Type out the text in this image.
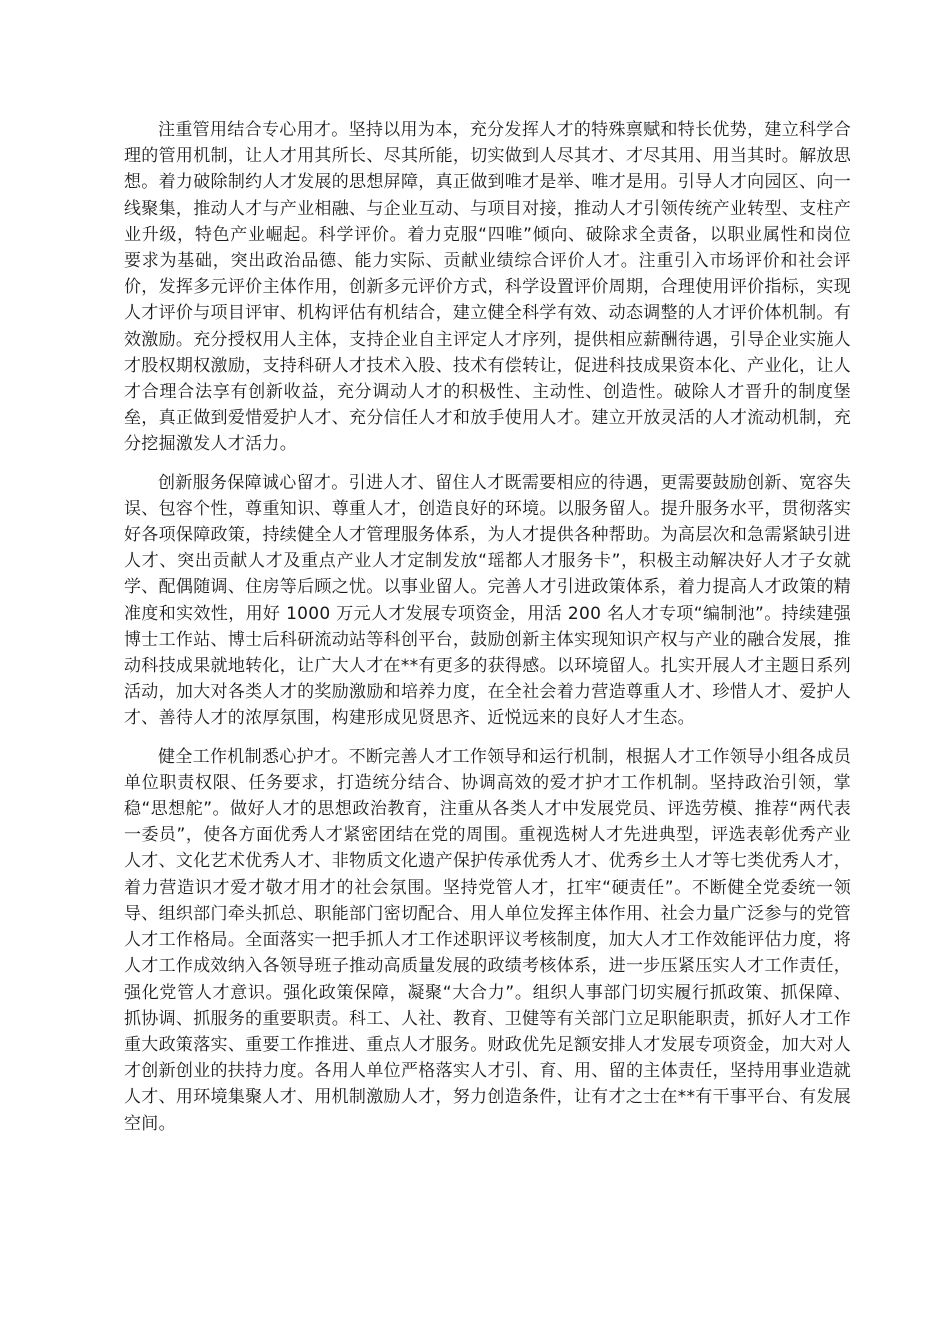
注重管用结合专心用才。坚持以用为本，充分发挥人才的特殊禀赋和特长优势，建立科学合理的管用机制，让人才用其所长、尽其所能，切实做到人尽其才、才尽其用、用当其时。解放思想。着力破除制约人才发展的思想屏障，真正做到唯才是举、唯才是用。引导人才向园区、向一线聚集，推动人才与产业相融、与企业互动、与项目对接，推动人才引领传统产业转型、支柱产业升级，特色产业崛起。科学评价。着力克服“四唯”倾向、破除求全责备，以职业属性和岗位要求为基础，突出政治品德、能力实际、贡献业绩综合评价人才。注重引入市场评价和社会评价，发挥多元评价主体作用，创新多元评价方式，科学设置评价周期，合理使用评价指标，实现人才评价与项目评审、机构评估有机结合，建立健全科学有效、动态调整的人才评价体机制。有效激励。充分授权用人主体，支持企业自主评定人才序列，提供相应薪酬待遇，引导企业实施人才股权期权激励，支持科研人才技术入股、技术有偿转让，促进科技成果资本化、产业化，让人才合理合法享有创新收益，充分调动人才的积极性、主动性、创造性。破除人才晋升的制度堡垒，真正做到爱惜爱护人才、充分信任人才和放手使用人才。建立开放灵活的人才流动机制，充分挖掘激发人才活力。

创新服务保障诚心留才。引进人才、留住人才既需要相应的待遇，更需要鼓励创新、宽容失误、包容个性，尊重知识、尊重人才，创造良好的环境。以服务留人。提升服务水平，贯彻落实好各项保障政策，持续健全人才管理服务体系，为人才提供各种帮助。为高层次和急需紧缺引进人才、突出贡献人才及重点产业人才定制发放“瑶都人才服务卡”，积极主动解决好人才子女就学、配偶随调、住房等后顾之忧。以事业留人。完善人才引进政策体系，着力提高人才政策的精准度和实效性，用好 1000 万元人才发展专项资金，用活 200 名人才专项“编制池”。持续建强博士工作站、博士后科研流动站等科创平台，鼓励创新主体实现知识产权与产业的融合发展，推动科技成果就地转化，让广大人才在**有更多的获得感。以环境留人。扎实开展人才主题日系列活动，加大对各类人才的奖励激励和培养力度，在全社会着力营造尊重人才、珍惜人才、爱护人才、善待人才的浓厚氛围，构建形成见贤思齐、近悦远来的良好人才生态。

健全工作机制悉心护才。不断完善人才工作领导和运行机制，根据人才工作领导小组各成员单位职责权限、任务要求，打造统分结合、协调高效的爱才护才工作机制。坚持政治引领，掌稳“思想舵”。做好人才的思想政治教育，注重从各类人才中发展党员、评选劳模、推荐“两代表一委员”，使各方面优秀人才紧密团结在党的周围。重视选树人才先进典型，评选表彰优秀产业人才、文化艺术优秀人才、非物质文化遗产保护传承优秀人才、优秀乡土人才等七类优秀人才，着力营造识才爱才敬才用才的社会氛围。坚持党管人才，扛牢“硬责任”。不断健全党委统一领导、组织部门牵头抓总、职能部门密切配合、用人单位发挥主体作用、社会力量广泛参与的党管人才工作格局。全面落实一把手抓人才工作述职评议考核制度，加大人才工作效能评估力度，将人才工作成效纳入各领导班子推动高质量发展的政绩考核体系，进一步压紧压实人才工作责任，强化党管人才意识。强化政策保障，凝聚“大合力”。组织人事部门切实履行抓政策、抓保障、抓协调、抓服务的重要职责。科工、人社、教育、卫健等有关部门立足职能职责，抓好人才工作重大政策落实、重要工作推进、重点人才服务。财政优先足额安排人才发展专项资金，加大对人才创新创业的扶持力度。各用人单位严格落实人才引、育、用、留的主体责任，坚持用事业造就人才、用环境集聚人才、用机制激励人才，努力创造条件，让有才之士在**有干事平台、有发展空间。
